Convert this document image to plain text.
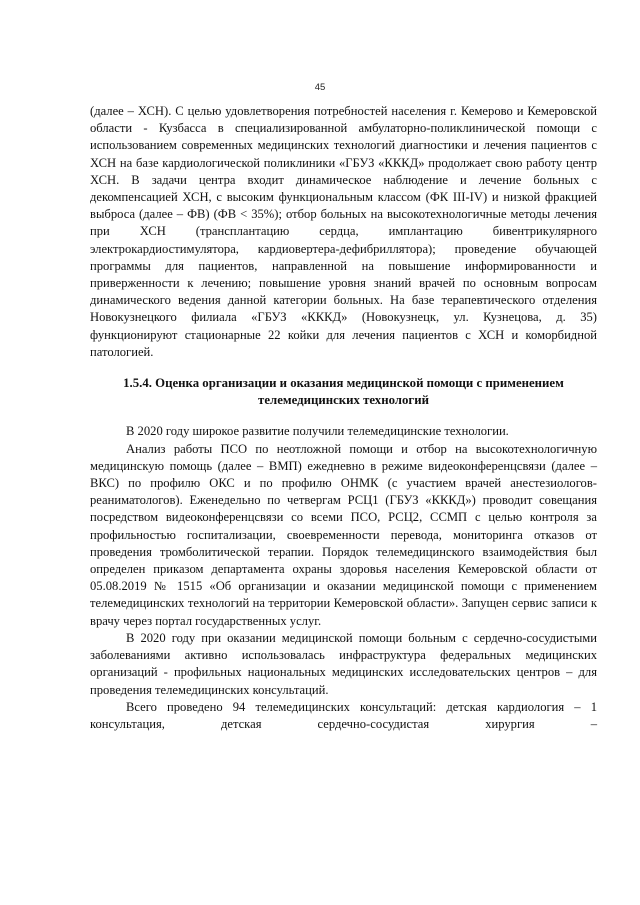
45

(далее – ХСН). С целью удовлетворения потребностей населения г. Кемерово и Кемеровской области - Кузбасса в специализированной амбулаторно-поликлинической помощи с использованием современных медицинских технологий диагностики и лечения пациентов с ХСН на базе кардиологической поликлиники «ГБУЗ «КККД» продолжает свою работу центр ХСН. В задачи центра входит динамическое наблюдение и лечение больных с декомпенсацией ХСН, с высоким функциональным классом (ФК III-IV) и низкой фракцией выброса (далее – ФВ) (ФВ < 35%); отбор больных на высокотехнологичные методы лечения при ХСН (трансплантацию сердца, имплантацию бивентрикулярного электрокардиостимулятора, кардиовертера-дефибриллятора); проведение обучающей программы для пациентов, направленной на повышение информированности и приверженности к лечению; повышение уровня знаний врачей по основным вопросам динамического ведения данной категории больных. На базе терапевтического отделения Новокузнецкого филиала «ГБУЗ «КККД» (Новокузнецк, ул. Кузнецова, д. 35) функционируют стационарные 22 койки для лечения пациентов с ХСН и коморбидной патологией.

1.5.4. Оценка организации и оказания медицинской помощи с применением телемедицинских технологий

В 2020 году широкое развитие получили телемедицинские технологии.

Анализ работы ПСО по неотложной помощи и отбор на высокотехнологичную медицинскую помощь (далее – ВМП) ежедневно в режиме видеоконференцсвязи (далее – ВКС) по профилю ОКС и по профилю ОНМК (с участием врачей анестезиологов-реаниматологов). Еженедельно по четвергам РСЦ1 (ГБУЗ «КККД») проводит совещания посредством видеоконференцсвязи со всеми ПСО, РСЦ2, ССМП с целью контроля за профильностью госпитализации, своевременности перевода, мониторинга отказов от проведения тромболитической терапии. Порядок телемедицинского взаимодействия был определен приказом департамента охраны здоровья населения Кемеровской области от 05.08.2019 № 1515 «Об организации и оказании медицинской помощи с применением телемедицинских технологий на территории Кемеровской области». Запущен сервис записи к врачу через портал государственных услуг.

В 2020 году при оказании медицинской помощи больным с сердечно-сосудистыми заболеваниями активно использовалась инфраструктура федеральных медицинских организаций - профильных национальных медицинских исследовательских центров – для проведения телемедицинских консультаций.

Всего проведено 94 телемедицинских консультаций: детская кардиология – 1 консультация, детская сердечно-сосудистая хирургия –
